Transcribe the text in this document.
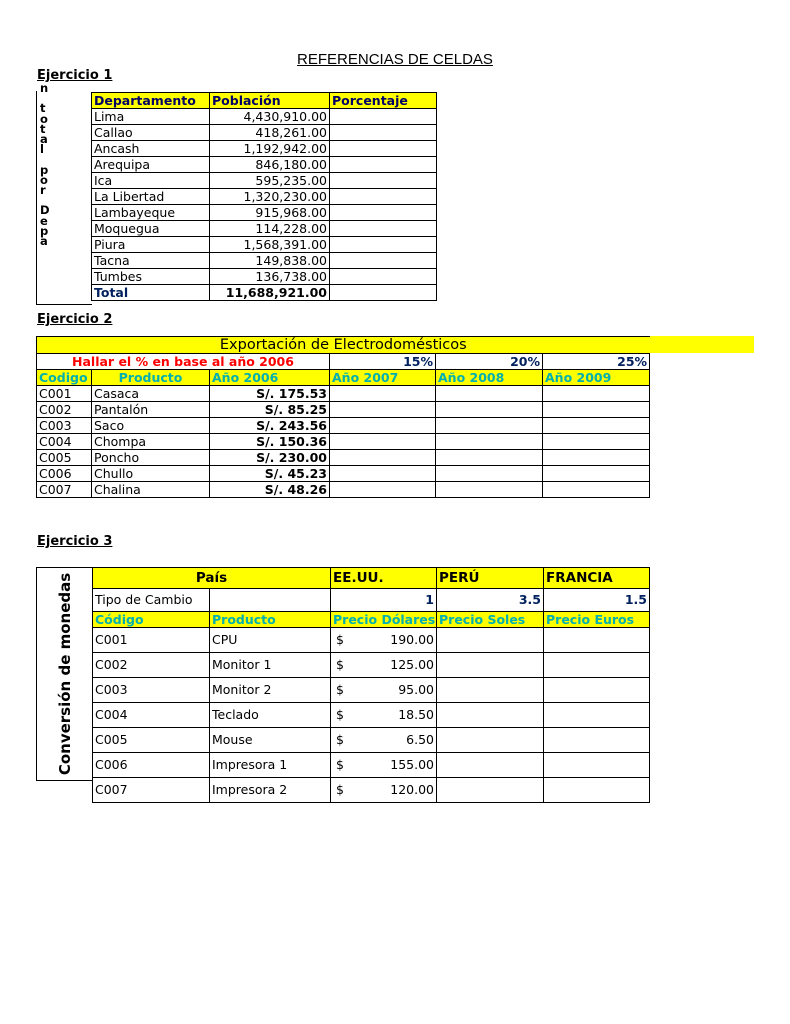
REFERENCIAS DE CELDAS
Ejercicio 1
n

t
o
t
a
l

p
o
r

D
e
p
a
Departamento	Población	Porcentaje
Lima	4,430,910.00	
Callao	418,261.00	
Ancash	1,192,942.00	
Arequipa	846,180.00	
Ica	595,235.00	
La Libertad	1,320,230.00	
Lambayeque	915,968.00	
Moquegua	114,228.00	
Piura	1,568,391.00	
Tacna	149,838.00	
Tumbes	136,738.00	
Total	11,688,921.00	
Ejercicio 2
Exportación de Electrodomésticos					
Hallar el % en base al año 2006			15%	20%	25%
Codigo	Producto	Año 2006	Año 2007	Año 2008	Año 2009
C001	Casaca	S/. 175.53			
C002	Pantalón	S/. 85.25			
C003	Saco	S/. 243.56			
C004	Chompa	S/. 150.36			
C005	Poncho	S/. 230.00			
C006	Chullo	S/. 45.23			
C007	Chalina	S/. 48.26			
Ejercicio 3
Conversión de monedas	País		EE.UU.	PERÚ	FRANCIA
Tipo de Cambio		1	3.5	1.5
Código	Producto	Precio Dólares	Precio Soles	Precio Euros
C001	CPU	$ 190.00		

C002	Monitor 1	$ 125.00		

C003	Monitor 2	$ 95.00		

C004	Teclado	$ 18.50		

C005	Mouse	$ 6.50		

C006	Impresora 1	$ 155.00		

C007	Impresora 2	$ 120.00		
